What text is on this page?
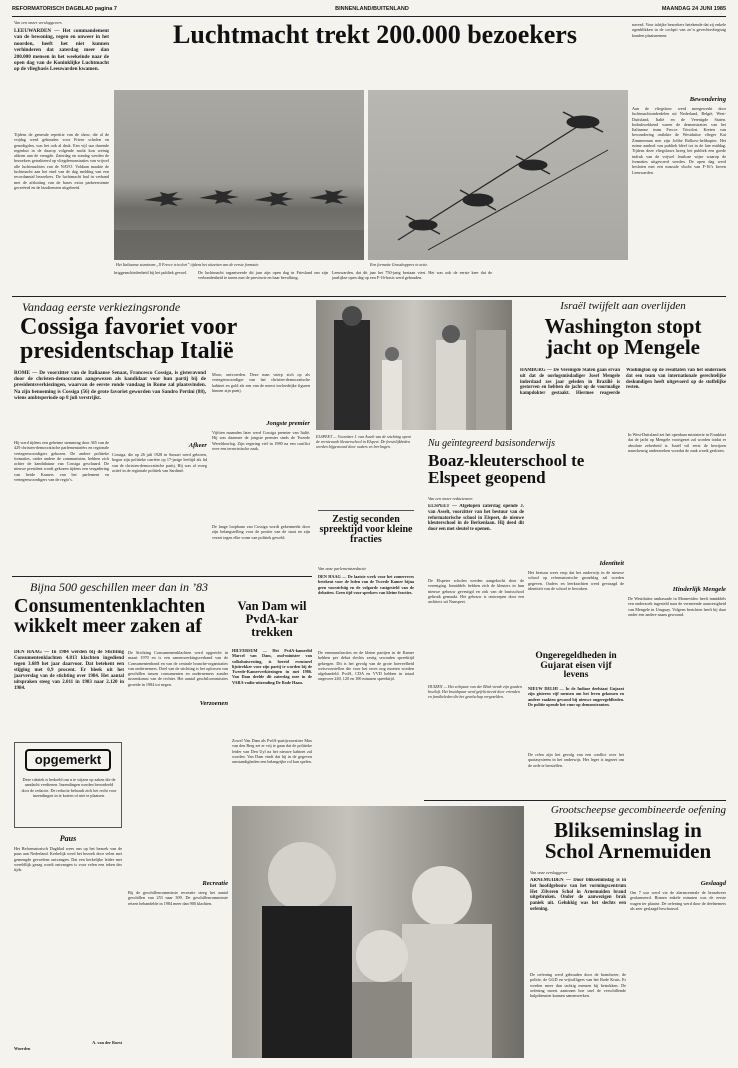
REFORMATORISCH DAGBLAD pagina 7	BINNENLAND/BUITENLAND	MAANDAG 24 JUNI 1985
Van een onzer verslaggevers	Luchtmacht trekt 200.000 bezoekers
LEEUWARDEN — Het commandement van de bewoning, regen en onweer in het noorden, heeft het niet kunnen verhinderen dat zaterdag meer dan 200.000 mensen in het weekeinde naar de open dag van de Koninklijke Luchtmacht op de vliegbasis Leeuwarden kwamen.
Tijdens de generale repetitie van de show, die al de vrijdag werd gehouden voor Friese scholen en genodigden, was het ook al druk. Een vijf uur durende regenbui in de daarop volgende nacht kon weinig afdoen aan de vreugde. Zaterdag en zondag werden de bezoekers getrakteerd op vliegdemonstraties van vrijwel alle luchtmachten van de NAVO. Voldaan maakte de luchtmacht aan het eind van de dag melding van een recordaantal bezoekers. De luchtmacht had in verband met de afsluiting van de bases extra parkeerruimte gecreëerd en de busdiensten uitgebreid.
Het Italiaanse stuntteam „Il Frecce tricolori” tijdens het uitzetten van de eerste formatie.	Een formatie Grasshoppers in actie.
briggenschiedenheid bij het publiek gevoel.	De luchtmacht organiseerde dit jaar zijn open dag in Friesland om zijn verbondenheid te tonen met de provincie en haar bevolking.
Leeuwarden, dat dit jaar het 750-jarig bestaan viert. Het was ook de eerste keer dat de jaarlijkse open dag op een F-16-basis werd gehouden.
naverd. Voor talrijke bezoekers betekende dat zij enkele ogenblikken in de cockpit van zo’n gevechtsvliegtuig konden plaatsnemen.
Bewondering
Aan de vliegshow werd meegewerkt door luchtmachtonderdelen uit Nederland, België, West-Duitsland, Italië en de Verenigde Staten. Indrukwekkend waren de demonstraties van het Italiaanse team Frecce Tricolori. Kreten van bewondering ontlokte de Westduitse vlieger Kai Zimmerman met zijn Jolibe Bölkow-helikopter. Het ruime aanbod van publiek bleef tot in de late middag. Tijdens deze vliegshows kreeg het publiek een goede indruk van de vrijwel foutloze wijze waarop de formaties uitgevoerd werden. De open dag werd besloten met een massale vlucht van F-16’s boven Leeuwarden.
Vandaag eerste verkiezingsronde
Cossiga favoriet voor presidentschap Italië
ROME — De voorzitter van de Italiaanse Senaat, Francesco Cossiga, is gisteravond door de christen-democraten aangewezen als kandidaat voor hun partij bij de presidentsverkiezingen, waarvan de eerste ronde vandaag in Rome zal plaatsvinden. Na zijn benoeming is Cossiga (56) de grote favoriet geworden van Sandro Pertini (88), wiens ambtsperiode op 8 juli verstrijkt.
Hij werd tijdens een geheime stemming door 365 van de 429 christen-democratische parlementariërs en regionale vertegenwoordigers gekozen. De andere politieke formaties, onder andere de communisten, hebben zich achter de kandidatuur van Cossiga geschaard. De nieuwe president wordt gekozen tijdens een vergadering van beide Kamers van het parlement en vertegenwoordigers van de regio’s.
Afkeer
Cossiga, die op 26 juli 1928 in Sassari werd geboren, begon zijn politieke carrière op 17-jarige leeftijd als lid van de christen-democratische partij. Hij was al vroeg actief in de regionale politiek van Sardinië.
Moro, ontvoerden. Deze man wierp zich op als vertegenwoordiger van het christen-democratische kabinet en gold als een van de meest invloedrijke figuren binnen zijn partij.
Jongste premier
Vijftien maanden later werd Cossiga premier van Italië. Hij was daarmee de jongste premier sinds de Tweede Wereldoorlog. Zijn regering viel in 1980 na een conflict over een terroristische zaak.
De lange loopbaan van Cossiga wordt gekenmerkt door zijn belangstelling voor de positie van de staat en zijn verzet tegen elke vorm van politiek geweld.
Bijna 500 geschillen meer dan in ’83
Consumentenklachten wikkelt meer zaken af
DEN HAAG — In 1984 werden bij de Stichting Consumentenklachten 4.813 klachten ingediend tegen 3.689 het jaar daarvoor. Dat betekent een stijging met 0,9 procent. Er bleek uit het jaarverslag van de stichting over 1984. Het aantal uitspraken steeg van 2.011 in 1983 naar 2.120 in 1984.
De Stichting Consumentenklachten werd opgericht in maart 1970 en is een samenwerkingsverband van de Consumentenbond en van de centrale branche-organisaties van ondernemers. Doel van de stichting is het oplossen van geschillen tussen consumenten en ondernemers zonder tussenkomst van de rechter. Het aantal geschilcommissies groeide in 1984 tot negen.
Verzoenen
Recreatie
Bij de geschillencommissie recreatie steeg het aantal geschillen van 253 naar 309. De geschillencommissie reizen behandelde in 1984 meer dan 900 klachten.
opgemerkt
Deze rubriek is bedoeld om u te wijzen op zaken die de aandacht verdienen. Inzendingen worden beoordeeld door de redactie. De redactie behoudt zich het recht voor inzendingen in te korten of niet te plaatsen.
Paus
Het Reformatorisch Dagblad wees ons op het bezoek van de paus aan Nederland. Kerkelijk werd het bezoek door velen met gemengde gevoelens ontvangen. Dat een kerkelijke leider met wereldlijk gezag wordt ontvangen is voor velen een teken des tijds.
A. van der Roest
Woerden
Van Dam wil PvdA-kar trekken
HILVERSUM — Het PvdA-kamerlid Marcel van Dam, oud-minister van volkshuisvesting, is bereid eventueel lijsttrekker voor zijn partij te worden bij de Tweede-Kamerverkiezingen in mei 1986. Van Dam deelde dit zaterdag mee in de VARA-radio-uitzending De Rode Haan.
Zowel Van Dam als PvdA-partijvoorzitter Max van den Berg zei er vrij te gaan dat de politieke leider van Den Uyl na het nieuwe kabinet zal worden. Van Dam vindt dat hij in de gegeven omstandigheden een belangrijke rol kan spelen.
ELSPEET — Voorzitter J. van Asselt van de stichting opent de vernieuwde kleuterschool in Elspeet. De feestelijkheden werden bijgewoond door ouders en leerlingen.
Zestig seconden spreektijd voor kleine fracties
Van onze parlementsredactie
DEN HAAG — De laatste week voor het zomerreces betekent voor de leden van de Tweede Kamer bijna geen voorzichtig en de volgorde vastgesteld van de debatten. Geen tijd voor sprekers van kleine fracties.
De eenmansfracties en de kleine partijen in de Kamer hebben per debat slechts zestig seconden spreektijd gekregen. Dit is het gevolg van de grote hoeveelheid wetsvoorstellen die voor het reces nog moeten worden afgehandeld. PvdA, CDA en VVD hebben in totaal ongeveer 240, 120 en 100 minuten spreektijd.
Nu geïntegreerd basisonderwijs
Boaz-kleuterschool te Elspeet geopend
Van een onzer redacteuren
ELSPEET — Afgelopen zaterdag opende J. van Asselt, voorzitter van het bestuur van de reformatorische school in Elspeet, de nieuwe kleuterschool in de Berkenlaan. Hij deed dit door een met sleutel te openen.
De Elspeter scholen werden aangekocht door de vereniging. Inmiddels hebben zich de kleuters in hun nieuwe gebouw gevestigd en ook van de basisschool gebruik gemaakt. Het gebouw is ontworpen door een architect uit Nunspeet.
Identiteit
Het bestuur wees erop dat het onderwijs in de nieuwe school op reformatorische grondslag zal worden gegeven. Ouders en leerkrachten werd gevraagd de identiteit van de school te bewaken.
Ongeregeldheden in Gujarat eisen vijf levens
NIEUW DELHI — In de Indiase deelstaat Gujarat zijn gisteren vijf mensen om het leven gekomen en andere raakten gewond bij nieuwe ongeregeldheden. De politie opende het vuur op demonstranten.
De relen zijn het gevolg van een conflict over het quotasysteem in het onderwijs. Het leger is ingezet om de orde te herstellen.
HUIZEN — Het echtpaar van der Bliek vierde zijn gouden bruiloft. Het bruidspaar werd gefeliciteerd door vrienden en familieleden die het gezelschap vergezelden.
Israël twijfelt aan overlijden
Washington stopt jacht op Mengele
HAMBURG — De Verenigde Staten gaan ervan uit dat de oorlogsmisdadiger Josef Mengele inderdaad zes jaar geleden in Brazilië is gestorven en hebben de jacht op de voormalige kampdokter gestaakt. Hiermee reageerde Washington op de resultaten van het onderzoek dat een team van internationale gerechtelijke deskundigen heeft uitgevoerd op de stoffelijke resten.
In West-Duitsland zei het openbaar ministerie in Frankfurt dat de jacht op Mengele voortgezet zal worden totdat er absolute zekerheid is. Israël wil eerst de bewijzen nauwkeurig onderzoeken voordat de zaak wordt gesloten.
Hinderlijk Mengele
De Westduitse ambassade in Montevideo heeft inmiddels een onderzoek ingesteld naar de vermeende aanwezigheid van Mengele in Uruguay. Volgens berichten heeft hij daar onder een andere naam gewoond.
Grootscheepse gecombineerde oefening
Blikseminslag in Schol Arnemuiden
Van onze verslaggever
ARNEMUIDEN — Door blikseminslag is in het hoofdgebouw van het vormingscentrum Het Zilveren Schol in Arnemuiden brand uitgebroken. Onder de aanwezigen brak paniek uit. Gelukkig was het slechts een oefening.
De oefening werd gehouden door de brandweer, de politie, de GGD en vrijwilligers van het Rode Kruis. Er werden meer dan tachtig mensen bij betrokken. De oefening moest aantonen hoe snel de verschillende hulpdiensten kunnen samenwerken.
Geslaagd
Om 7 uur werd via de alarmcentrale de brandweer gealarmeerd. Binnen enkele minuten was de eerste wagen ter plaatse. De oefening werd door de deelnemers als zeer geslaagd beschouwd.
